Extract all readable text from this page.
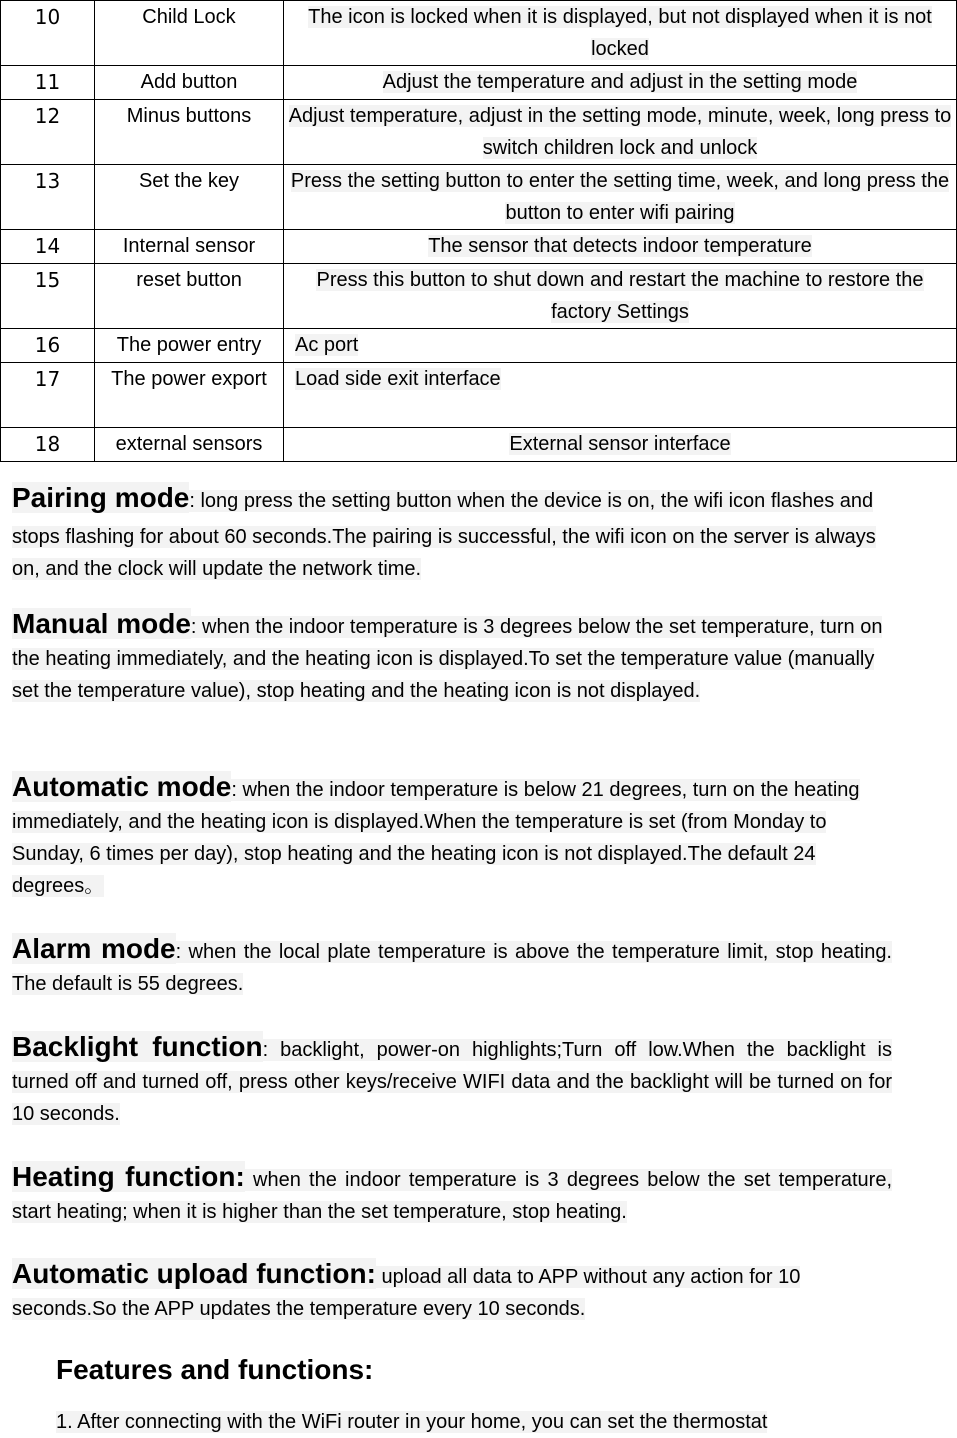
10	Child Lock	The icon is locked when it is displayed, but not displayed when it is not locked
11	Add button	Adjust the temperature and adjust in the setting mode
12	Minus buttons	Adjust temperature, adjust in the setting mode, minute, week, long press to switch children lock and unlock
13	Set the key	Press the setting button to enter the setting time, week, and long press the button to enter wifi pairing
14	Internal sensor	The sensor that detects indoor temperature
15	reset button	Press this button to shut down and restart the machine to restore the factory Settings
16	The power entry	Ac port
17	The power export	Load side exit interface
18	external sensors	External sensor interface
Pairing mode: long press the setting button when the device is on, the wifi icon flashes and stops flashing for about 60 seconds.The pairing is successful, the wifi icon on the server is always on, and the clock will update the network time.
Manual mode: when the indoor temperature is 3 degrees below the set temperature, turn on the heating immediately, and the heating icon is displayed.To set the temperature value (manually set the temperature value), stop heating and the heating icon is not displayed.
Automatic mode: when the indoor temperature is below 21 degrees, turn on the heating immediately, and the heating icon is displayed.When the temperature is set (from Monday to Sunday, 6 times per day), stop heating and the heating icon is not displayed.The default 24 degrees。
Alarm mode: when the local plate temperature is above the temperature limit, stop heating. The default is 55 degrees.
Backlight function: backlight, power-on highlights;Turn off low.When the backlight is turned off and turned off, press other keys/receive WIFI data and the backlight will be turned on for 10 seconds.
Heating function: when the indoor temperature is 3 degrees below the set temperature, start heating; when it is higher than the set temperature, stop heating.
Automatic upload function: upload all data to APP without any action for 10 seconds.So the APP updates the temperature every 10 seconds.
Features and functions:
1. After connecting with the WiFi router in your home, you can set the thermostat
